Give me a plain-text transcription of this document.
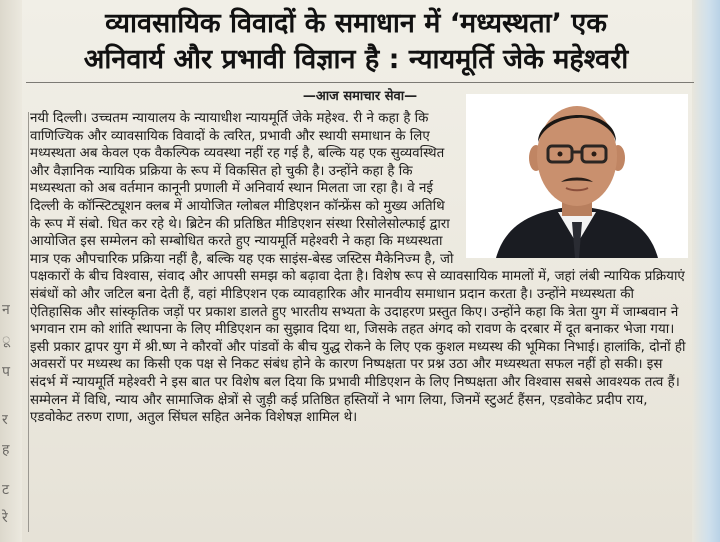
न
ू
प
र
ह
ट
रे
व्यावसायिक विवादों के समाधान में ‘मध्यस्थता’ एक
अनिवार्य और प्रभावी विज्ञान है : न्यायमूर्ति जेके महेश्वरी
—आज समाचार सेवा—

नयी दिल्ली। उच्चतम न्यायालय के न्यायाधीश न्यायमूर्ति जेके महेश्व. री ने कहा है कि वाणिज्यिक और व्यावसायिक विवादों के त्वरित, प्रभावी और स्थायी समाधान के लिए मध्यस्थता अब केवल एक वैकल्पिक व्यवस्था नहीं रह गई है, बल्कि यह एक सुव्यवस्थित और वैज्ञानिक न्यायिक प्रक्रिया के रूप में विकसित हो चुकी है। उन्होंने कहा है कि मध्यस्थता को अब वर्तमान कानूनी प्रणाली में अनिवार्य स्थान मिलता जा रहा है। वे नई दिल्ली के कॉन्स्टिट्यूशन क्लब में आयोजित ग्लोबल मीडिएशन कॉन्फ्रेंस को मुख्य अतिथि के रूप में संबो. धित कर रहे थे। ब्रिटेन की प्रतिष्ठित मीडिएशन संस्था रिसोलेसोल्फाई द्वारा आयोजित इस सम्मेलन को सम्बोधित करते हुए न्यायमूर्ति महेश्वरी ने कहा कि मध्यस्थता मात्र एक औपचारिक प्रक्रिया नहीं है, बल्कि यह एक साइंस-बेस्ड जस्टिस मैकेनिज्म है, जो पक्षकारों के बीच विश्वास, संवाद और आपसी समझ को बढ़ावा देता है। विशेष रूप से व्यावसायिक मामलों में, जहां लंबी न्यायिक प्रक्रियाएं संबंधों को और जटिल बना देती हैं, वहां मीडिएशन एक व्यावहारिक और मानवीय समाधान प्रदान करता है। उन्होंने मध्यस्थता की ऐतिहासिक और सांस्कृतिक जड़ों पर प्रकाश डालते हुए भारतीय सभ्यता के उदाहरण प्रस्तुत किए। उन्होंने कहा कि त्रेता युग में जाम्बवान ने भगवान राम को शांति स्थापना के लिए मीडिएशन का सुझाव दिया था, जिसके तहत अंगद को रावण के दरबार में दूत बनाकर भेजा गया। इसी प्रकार द्वापर युग में श्री.ष्ण ने कौरवों और पांडवों के बीच युद्ध रोकने के लिए एक कुशल मध्यस्थ की भूमिका निभाई। हालांकि, दोनों ही अवसरों पर मध्यस्थ का किसी एक पक्ष से निकट संबंध होने के कारण निष्पक्षता पर प्रश्न उठा और मध्यस्थता सफल नहीं हो सकी। इस संदर्भ में न्यायमूर्ति महेश्वरी ने इस बात पर विशेष बल दिया कि प्रभावी मीडिएशन के लिए निष्पक्षता और विश्वास सबसे आवश्यक तत्व हैं। सम्मेलन में विधि, न्याय और सामाजिक क्षेत्रों से जुड़ी कई प्रतिष्ठित हस्तियों ने भाग लिया, जिनमें स्टुअर्ट हैंसन, एडवोकेट प्रदीप राय, एडवोकेट तरुण राणा, अतुल सिंघल सहित अनेक विशेषज्ञ शामिल थे।
